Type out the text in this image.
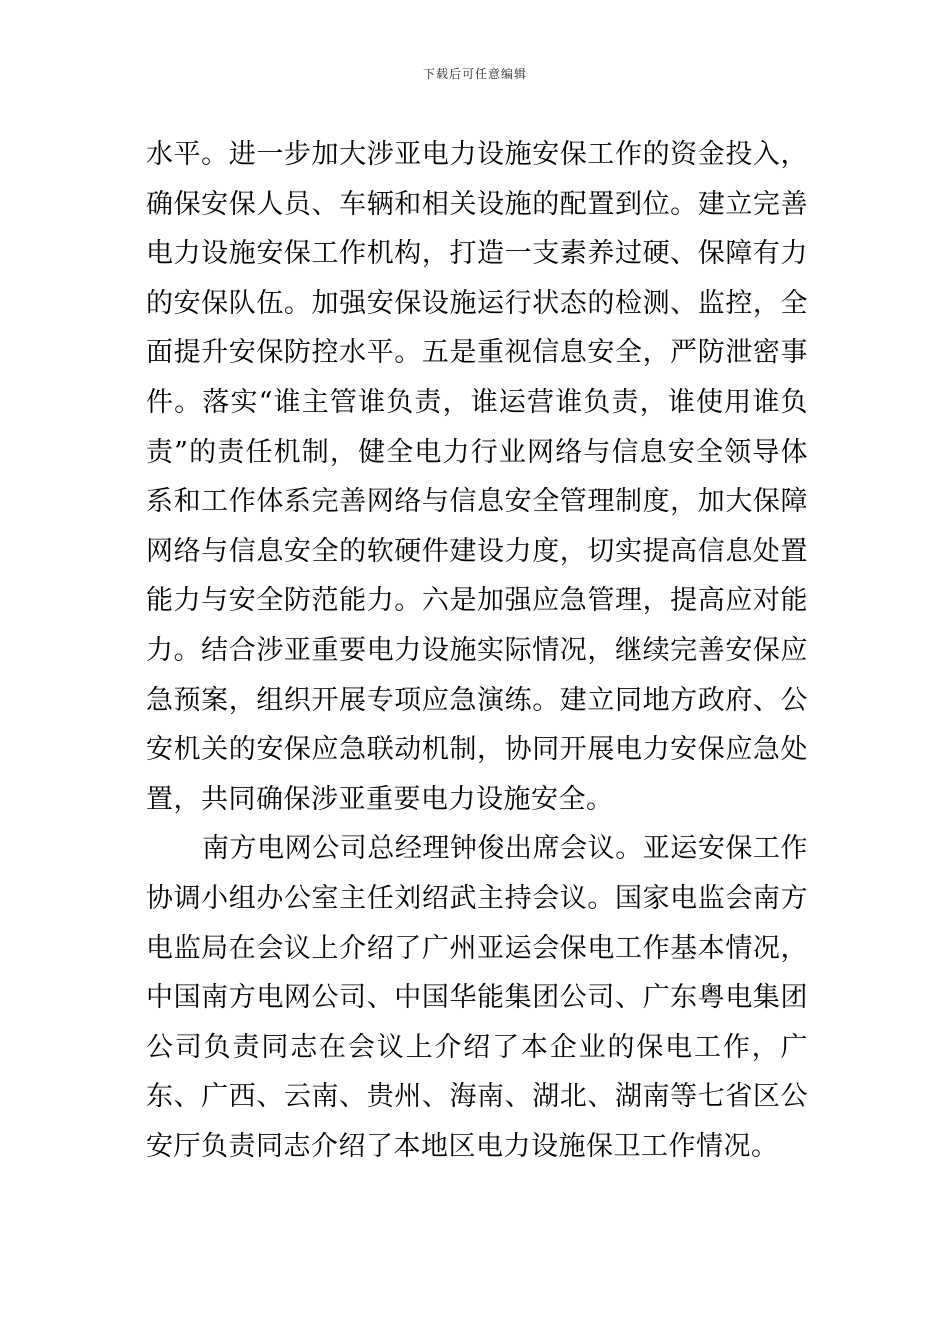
下载后可任意编辑

水平。进一步加大涉亚电力设施安保工作的资金投入，确保安保人员、车辆和相关设施的配置到位。建立完善电力设施安保工作机构，打造一支素养过硬、保障有力的安保队伍。加强安保设施运行状态的检测、监控，全面提升安保防控水平。五是重视信息安全，严防泄密事件。落实“谁主管谁负责，谁运营谁负责，谁使用谁负责”的责任机制，健全电力行业网络与信息安全领导体系和工作体系完善网络与信息安全管理制度，加大保障网络与信息安全的软硬件建设力度，切实提高信息处置能力与安全防范能力。六是加强应急管理，提高应对能力。结合涉亚重要电力设施实际情况，继续完善安保应急预案，组织开展专项应急演练。建立同地方政府、公安机关的安保应急联动机制，协同开展电力安保应急处置，共同确保涉亚重要电力设施安全。

南方电网公司总经理钟俊出席会议。亚运安保工作协调小组办公室主任刘绍武主持会议。国家电监会南方电监局在会议上介绍了广州亚运会保电工作基本情况，中国南方电网公司、中国华能集团公司、广东粤电集团公司负责同志在会议上介绍了本企业的保电工作，广东、广西、云南、贵州、海南、湖北、湖南等七省区公安厅负责同志介绍了本地区电力设施保卫工作情况。
